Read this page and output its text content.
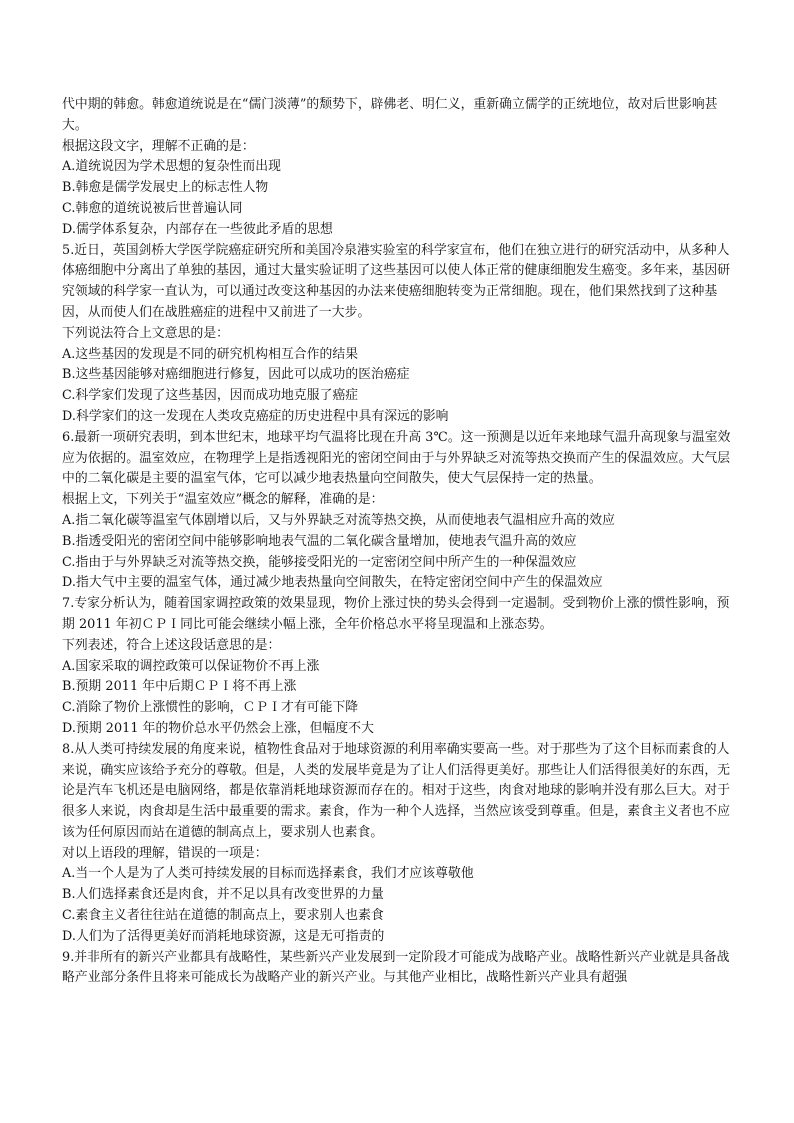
代中期的韩愈。韩愈道统说是在“儒门淡薄”的颓势下，辟佛老、明仁义，重新确立儒学的正统地位，故对后世影响甚大。

根据这段文字，理解不正确的是：

A.道统说因为学术思想的复杂性而出现

B.韩愈是儒学发展史上的标志性人物

C.韩愈的道统说被后世普遍认同

D.儒学体系复杂，内部存在一些彼此矛盾的思想

5.近日，英国剑桥大学医学院癌症研究所和美国冷泉港实验室的科学家宣布，他们在独立进行的研究活动中，从多种人体癌细胞中分离出了单独的基因，通过大量实验证明了这些基因可以使人体正常的健康细胞发生癌变。多年来，基因研究领域的科学家一直认为，可以通过改变这种基因的办法来使癌细胞转变为正常细胞。现在，他们果然找到了这种基因，从而使人们在战胜癌症的进程中又前进了一大步。

下列说法符合上文意思的是：

A.这些基因的发现是不同的研究机构相互合作的结果

B.这些基因能够对癌细胞进行修复，因此可以成功的医治癌症

C.科学家们发现了这些基因，因而成功地克服了癌症

D.科学家们的这一发现在人类攻克癌症的历史进程中具有深远的影响

6.最新一项研究表明，到本世纪末，地球平均气温将比现在升高 3℃。这一预测是以近年来地球气温升高现象与温室效应为依据的。温室效应，在物理学上是指透视阳光的密闭空间由于与外界缺乏对流等热交换而产生的保温效应。大气层中的二氧化碳是主要的温室气体，它可以减少地表热量向空间散失，使大气层保持一定的热量。

根据上文，下列关于“温室效应”概念的解释，准确的是：

A.指二氧化碳等温室气体剧增以后，又与外界缺乏对流等热交换，从而使地表气温相应升高的效应

B.指透受阳光的密闭空间中能够影响地表气温的二氧化碳含量增加，使地表气温升高的效应

C.指由于与外界缺乏对流等热交换，能够接受阳光的一定密闭空间中所产生的一种保温效应

D.指大气中主要的温室气体，通过减少地表热量向空间散失，在特定密闭空间中产生的保温效应

7.专家分析认为，随着国家调控政策的效果显现，物价上涨过快的势头会得到一定遏制。受到物价上涨的惯性影响，预期 2011 年初ＣＰＩ同比可能会继续小幅上涨，全年价格总水平将呈现温和上涨态势。

下列表述，符合上述这段话意思的是：

A.国家采取的调控政策可以保证物价不再上涨

B.预期 2011 年中后期ＣＰＩ将不再上涨

C.消除了物价上涨惯性的影响，ＣＰＩ才有可能下降

D.预期 2011 年的物价总水平仍然会上涨，但幅度不大

8.从人类可持续发展的角度来说，植物性食品对于地球资源的利用率确实要高一些。对于那些为了这个目标而素食的人来说，确实应该给予充分的尊敬。但是，人类的发展毕竟是为了让人们活得更美好。那些让人们活得很美好的东西，无论是汽车飞机还是电脑网络，都是依靠消耗地球资源而存在的。相对于这些，肉食对地球的影响并没有那么巨大。对于很多人来说，肉食却是生活中最重要的需求。素食，作为一种个人选择，当然应该受到尊重。但是，素食主义者也不应该为任何原因而站在道德的制高点上，要求别人也素食。

对以上语段的理解，错误的一项是：

A.当一个人是为了人类可持续发展的目标而选择素食，我们才应该尊敬他

B.人们选择素食还是肉食，并不足以具有改变世界的力量

C.素食主义者往往站在道德的制高点上，要求别人也素食

D.人们为了活得更美好而消耗地球资源，这是无可指责的

9.并非所有的新兴产业都具有战略性，某些新兴产业发展到一定阶段才可能成为战略产业。战略性新兴产业就是具备战略产业部分条件且将来可能成长为战略产业的新兴产业。与其他产业相比，战略性新兴产业具有超强
